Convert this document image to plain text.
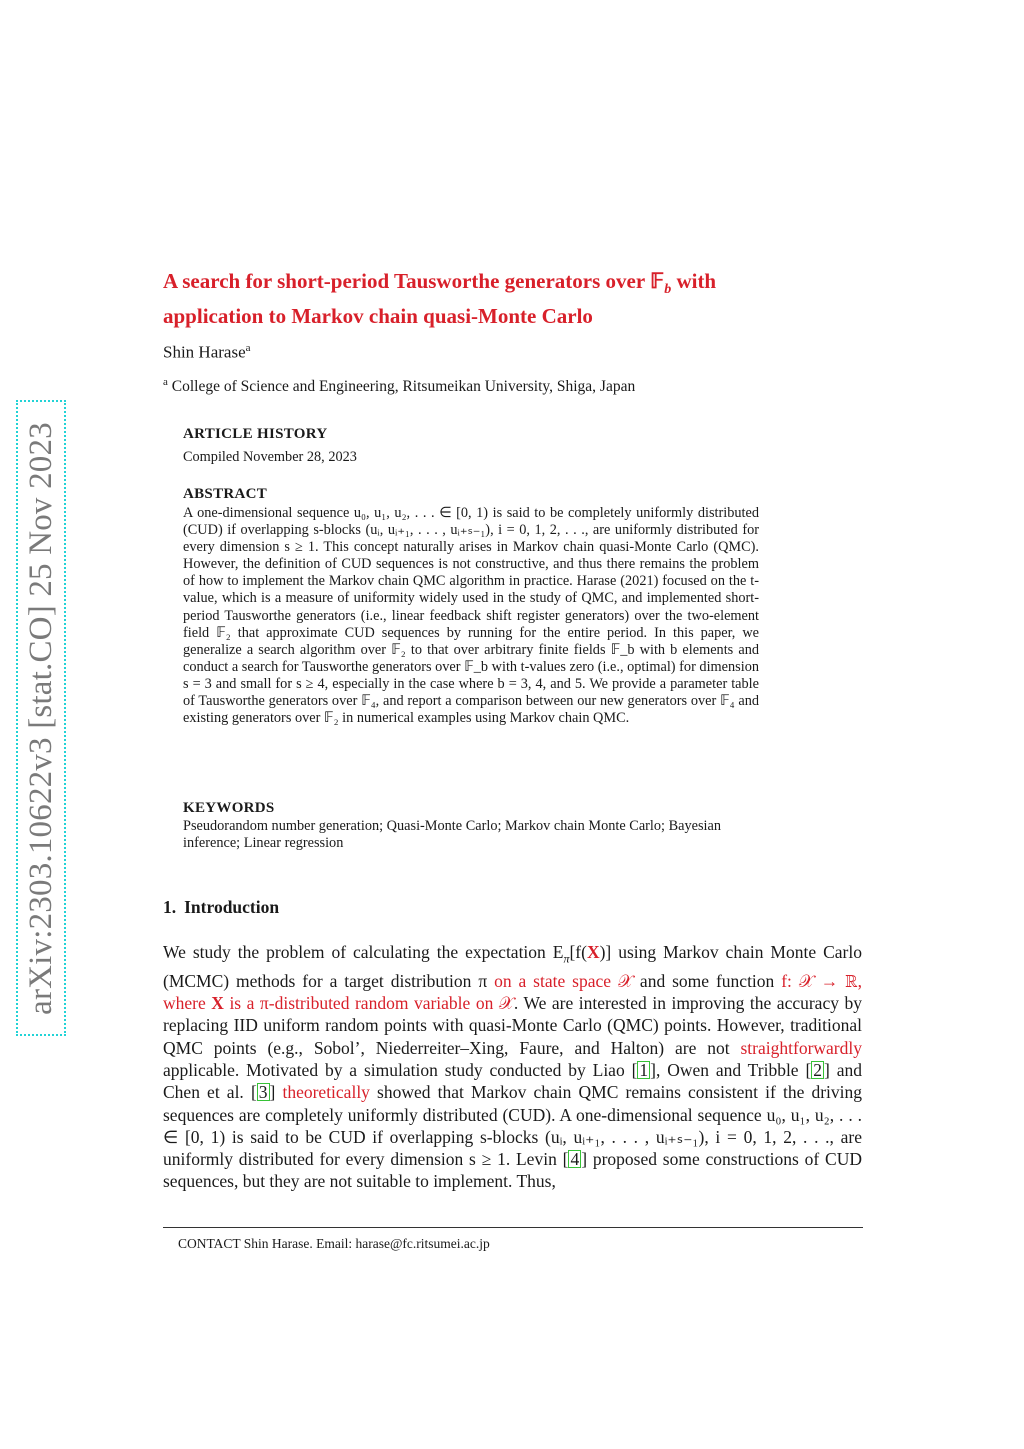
arXiv:2303.10622v3 [stat.CO] 25 Nov 2023
A search for short-period Tausworthe generators over 𝔽$_b$ with
application to Markov chain quasi-Monte Carlo
Shin Harase$^a$
$^a$ College of Science and Engineering, Ritsumeikan University, Shiga, Japan
ARTICLE HISTORY
Compiled November 28, 2023
ABSTRACT
A one-dimensional sequence u₀, u₁, u₂, . . . ∈ [0, 1) is said to be completely uniformly distributed (CUD) if overlapping s-blocks (uᵢ, uᵢ₊₁, . . . , uᵢ₊ₛ₋₁), i = 0, 1, 2, . . ., are uniformly distributed for every dimension s ≥ 1. This concept naturally arises in Markov chain quasi-Monte Carlo (QMC). However, the definition of CUD sequences is not constructive, and thus there remains the problem of how to implement the Markov chain QMC algorithm in practice. Harase (2021) focused on the t-value, which is a measure of uniformity widely used in the study of QMC, and implemented short-period Tausworthe generators (i.e., linear feedback shift register generators) over the two-element field 𝔽₂ that approximate CUD sequences by running for the entire period. In this paper, we generalize a search algorithm over 𝔽₂ to that over arbitrary finite fields 𝔽_b with b elements and conduct a search for Tausworthe generators over 𝔽_b with t-values zero (i.e., optimal) for dimension s = 3 and small for s ≥ 4, especially in the case where b = 3, 4, and 5. We provide a parameter table of Tausworthe generators over 𝔽₄, and report a comparison between our new generators over 𝔽₄ and existing generators over 𝔽₂ in numerical examples using Markov chain QMC.
KEYWORDS
Pseudorandom number generation; Quasi-Monte Carlo; Markov chain Monte Carlo; Bayesian inference; Linear regression
1. Introduction
We study the problem of calculating the expectation $E_\pi[f(X)]$ using Markov chain Monte Carlo (MCMC) methods for a target distribution π on a state space 𝒳 and some function f: 𝒳 → ℝ, where X is a π-distributed random variable on 𝒳. We are interested in improving the accuracy by replacing IID uniform random points with quasi-Monte Carlo (QMC) points. However, traditional QMC points (e.g., Sobol’, Niederreiter–Xing, Faure, and Halton) are not straightforwardly applicable. Motivated by a simulation study conducted by Liao [ 1 ], Owen and Tribble [ 2 ] and Chen et al. [ 3 ] theoretically showed that Markov chain QMC remains consistent if the driving sequences are completely uniformly distributed (CUD). A one-dimensional sequence u₀, u₁, u₂, . . . ∈ [0, 1) is said to be CUD if overlapping s-blocks (uᵢ, uᵢ₊₁, . . . , uᵢ₊ₛ₋₁), i = 0, 1, 2, . . ., are uniformly distributed for every dimension s ≥ 1. Levin [ 4 ] proposed some constructions of CUD sequences, but they are not suitable to implement. Thus,
CONTACT Shin Harase. Email: harase@fc.ritsumei.ac.jp
